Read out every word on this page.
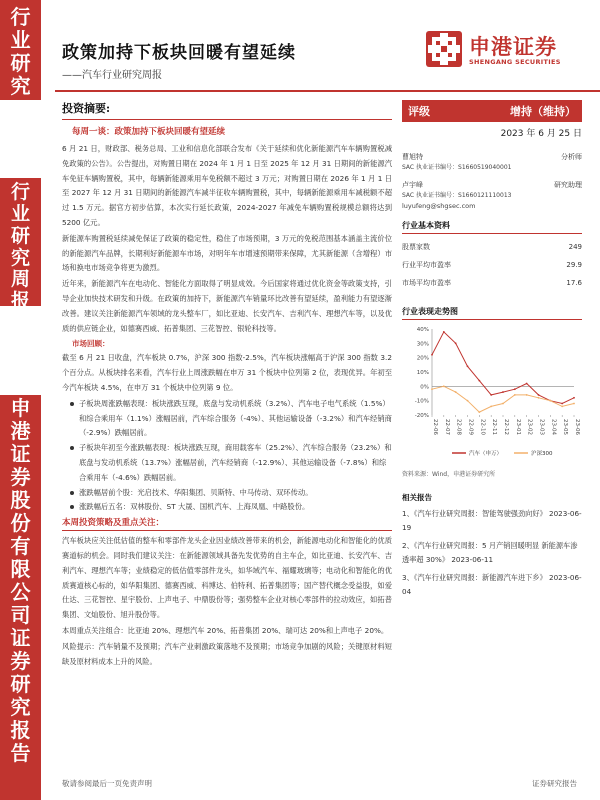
行
业
研
究
行
业
研
究
周
报
申
港
证
券
股
份
有
限
公
司
证
券
研
究
报
告
政策加持下板块回暖有望延续
——汽车行业研究周报
申港证券
SHENGANG SECURITIES
投资摘要:
每周一谈：政策加持下板块回暖有望延续

6 月 21 日，财政部、税务总局、工业和信息化部联合发布《关于延续和优化新能源汽车车辆购置税减免政策的公告》。公告提出，对购置日期在 2024 年 1 月 1 日至 2025 年 12 月 31 日期间的新能源汽车免征车辆购置税，其中，每辆新能源乘用车免税额不超过 3 万元；对购置日期在 2026 年 1 月 1 日至 2027 年 12 月 31 日期间的新能源汽车减半征收车辆购置税，其中，每辆新能源乘用车减税额不超过 1.5 万元。据官方初步估算，本次实行延长政策，2024-2027 年减免车辆购置税规模总额将达到 5200 亿元。

新能源车购置税延续减免保证了政策的稳定性，稳住了市场预期，3 万元的免税范围基本涵盖主流价位的新能源汽车品牌，长期利好新能源车市场，对明年车市增速预期带来保障，尤其新能源（含增程）市场和换电市场竞争将更为激烈。

近年来，新能源汽车在电动化、智能化方面取得了明显成效。今后国家将通过优化资金等政策支持，引导企业加快技术研发和升级。在政策的加持下，新能源汽车销量环比改善有望延续，盈利能力有望逐渐改善。建议关注新能源汽车领域的龙头整车厂，如比亚迪、长安汽车、吉利汽车、理想汽车等，以及优质的供应链企业，如德赛西威、拓普集团、三花智控、银轮科技等。

市场回顾：

截至 6 月 21 日收盘，汽车板块 0.7%，沪深 300 指数-2.5%，汽车板块涨幅高于沪深 300 指数 3.2 个百分点。从板块排名来看，汽车行业上周涨跌幅在申万 31 个板块中位列第 2 位，表现优异。年初至今汽车板块 4.5%，在申万 31 个板块中位列第 9 位。

子板块周涨跌幅表现：板块涨跌互现，底盘与发动机系统（3.2%）、汽车电子电气系统（1.5%）和综合乘用车（1.1%）涨幅居前，汽车综合服务（-4%）、其他运输设备（-3.2%）和汽车经销商（-2.9%）跌幅居前。
子板块年初至今涨跌幅表现：板块涨跌互现，商用载客车（25.2%）、汽车综合服务（23.2%）和底盘与发动机系统（13.7%）涨幅居前，汽车经销商（-12.9%）、其他运输设备（-7.8%）和综合乘用车（-4.6%）跌幅居前。
涨跌幅居前个股：光启技术、华阳集团、贝斯特、中马传动、双环传动。
涨跌幅后五名：双林股份、ST 大晟、国机汽车、上海凤凰、中路股份。
本周投资策略及重点关注：

汽车板块应关注低估值的整车和零部件龙头企业因业绩改善带来的机会，新能源电动化和智能化的优质赛道标的机会。同时我们建议关注：在新能源领域具备先发优势的自主车企，如比亚迪、长安汽车、吉利汽车、理想汽车等；业绩稳定的低估值零部件龙头，如华域汽车、福耀玻璃等；电动化和智能化的优质赛道核心标的，如华阳集团、德赛西威、科博达、伯特利、拓普集团等；国产替代概念受益股，如爱仕达、三花智控、星宇股份、上声电子、中鼎股份等；强势整车企业对核心零部件的拉动效应，如拓普集团、文灿股份、旭升股份等。

本周重点关注组合：比亚迪 20%、理想汽车 20%、拓普集团 20%、瑞可达 20%和上声电子 20%。

风险提示：汽车销量不及预期；汽车产业刺激政策落地不及预期；市场竞争加剧的风险；关键原材料短缺及原材料成本上升的风险。

评级	增持（维持）
2023 年 6 月 25 日
曹旭特	分析师
SAC 执业证书编号：S1660519040001
卢宇峰	研究助理
SAC 执业证书编号：S1660121110013
luyufeng@shgsec.com
行业基本资料
股票家数	249
行业平均市盈率	29.9
市场平均市盈率	17.6
行业表现走势图
40%
30%
20%
10%
0%
-10%
-20%
22-06 22-07 22-08 22-09 22-10 22-11 22-12 23-01 23-02 23-03 23-04 23-05 23-06
汽车（申万）	沪深300
资料来源：Wind，申港证券研究所
相关报告
1、《汽车行业研究周报：智能驾驶强劲向好》 2023-06-19
2、《汽车行业研究周报：5 月产销回暖明显 新能源车渗透率超 30%》 2023-06-11
3、《汽车行业研究周报：新能源汽车进下乡》 2023-06-04
敬请参阅最后一页免责声明	证券研究报告
